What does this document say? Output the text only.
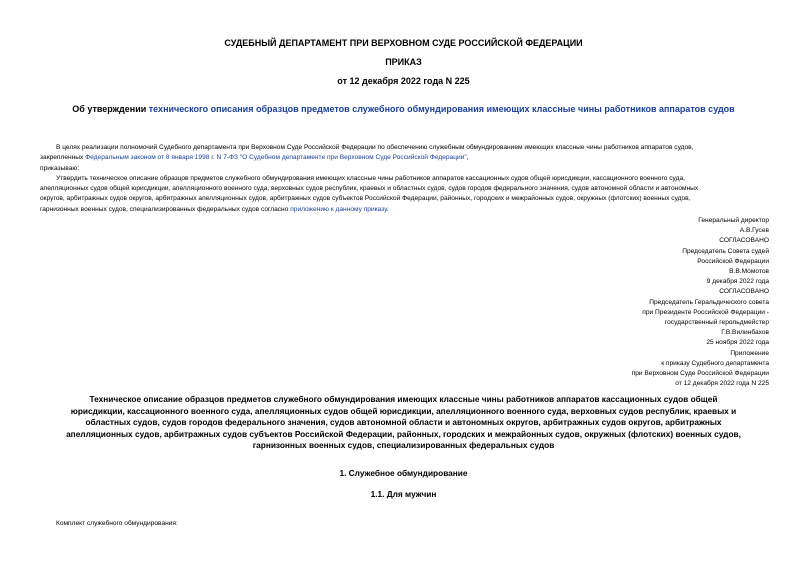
СУДЕБНЫЙ ДЕПАРТАМЕНТ ПРИ ВЕРХОВНОМ СУДЕ РОССИЙСКОЙ ФЕДЕРАЦИИ
ПРИКАЗ
от 12 декабря 2022 года N 225
Об утверждении технического описания образцов предметов служебного обмундирования имеющих классные чины работников аппаратов судов
В целях реализации полномочий Судебного департамента при Верховном Суде Российской Федерации по обеспечению служебным обмундированием имеющих классные чины работников аппаратов судов,
закрепленных Федеральным законом от 8 января 1998 г. N 7-ФЗ "О Судебном департаменте при Верховном Суде Российской Федерации",
приказываю:
Утвердить техническое описание образцов предметов служебного обмундирования имеющих классные чины работников аппаратов кассационных судов общей юрисдикции, кассационного военного суда,
апелляционных судов общей юрисдикции, апелляционного военного суда, верховных судов республик, краевых и областных судов, судов городов федерального значения, судов автономной области и автономных
округов, арбитражных судов округов, арбитражных апелляционных судов, арбитражных судов субъектов Российской Федерации, районных, городских и межрайонных судов, окружных (флотских) военных судов,
гарнизонных военных судов, специализированных федеральных судов согласно приложению к данному приказу.
Генеральный директор
А.В.Гусев
СОГЛАСОВАНО
Председатель Совета судей
Российской Федерации
В.В.Момотов
9 декабря 2022 года
СОГЛАСОВАНО
Председатель Геральдического совета
при Президенте Российской Федерации -
государственный герольдмейстер
Г.В.Вилинбахов
25 ноября 2022 года
Приложение
к приказу Судебного департамента
при Верховном Суде Российской Федерации
от 12 декабря 2022 года N 225
Техническое описание образцов предметов служебного обмундирования имеющих классные чины работников аппаратов кассационных судов общей
юрисдикции, кассационного военного суда, апелляционных судов общей юрисдикции, апелляционного военного суда, верховных судов республик, краевых и
областных судов, судов городов федерального значения, судов автономной области и автономных округов, арбитражных судов округов, арбитражных
апелляционных судов, арбитражных судов субъектов Российской Федерации, районных, городских и межрайонных судов, окружных (флотских) военных судов,
гарнизонных военных судов, специализированных федеральных судов
1. Служебное обмундирование
1.1. Для мужчин
Комплект служебного обмундирования:
